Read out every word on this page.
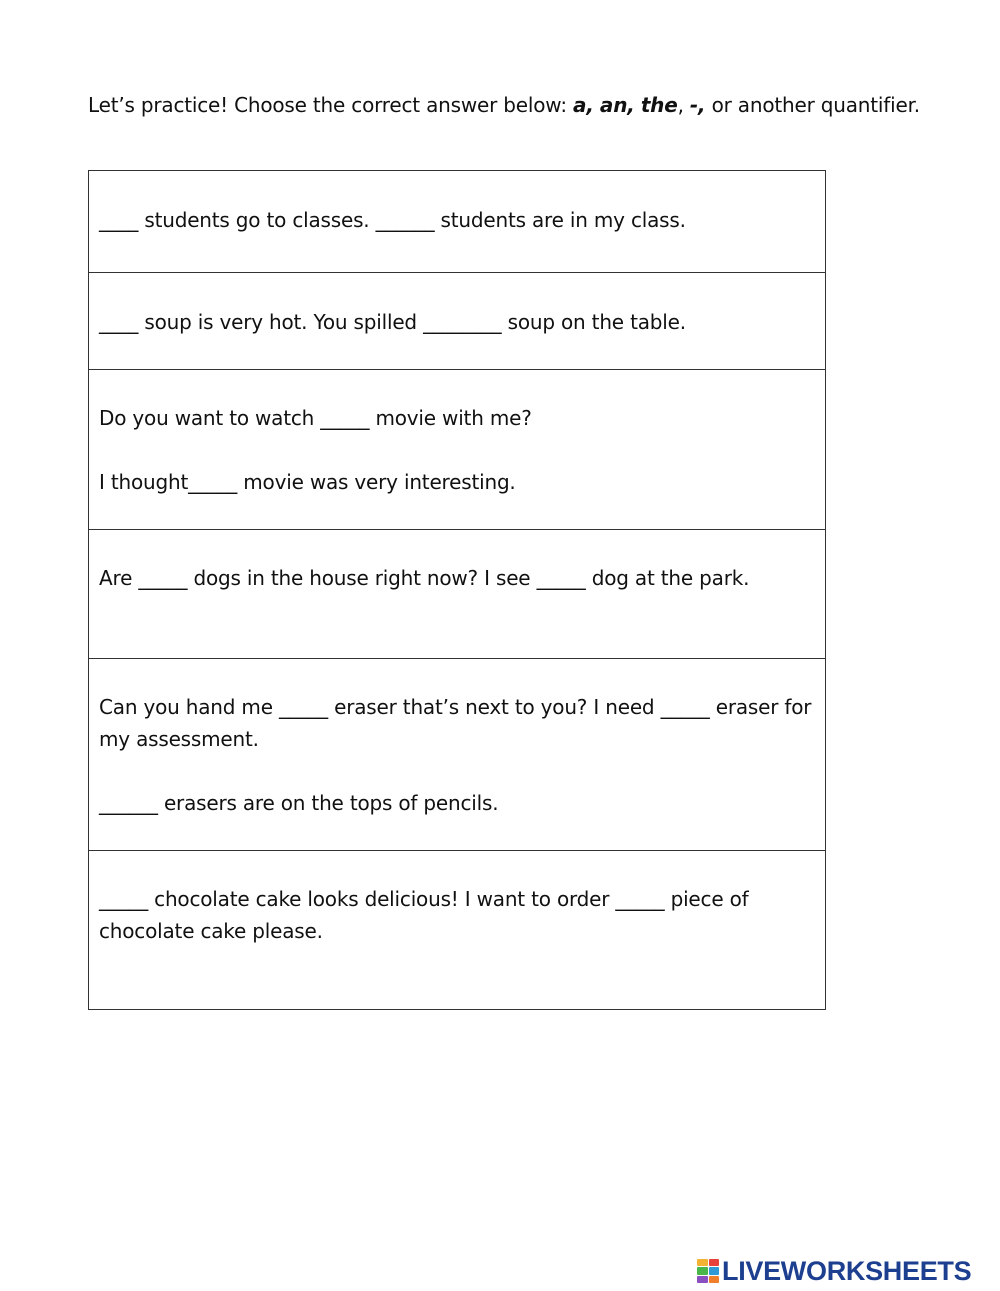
Let’s practice! Choose the correct answer below: a, an, the, -, or another quantifier.

____ students go to classes. ______ students are in my class.

____ soup is very hot. You spilled ________ soup on the table.

Do you want to watch _____ movie with me?

I thought_____ movie was very interesting.

Are _____ dogs in the house right now? I see _____ dog at the park.

Can you hand me _____ eraser that’s next to you? I need _____ eraser for my assessment.

______ erasers are on the tops of pencils.

_____ chocolate cake looks delicious! I want to order _____ piece of chocolate cake please.

LIVEWORKSHEETS
